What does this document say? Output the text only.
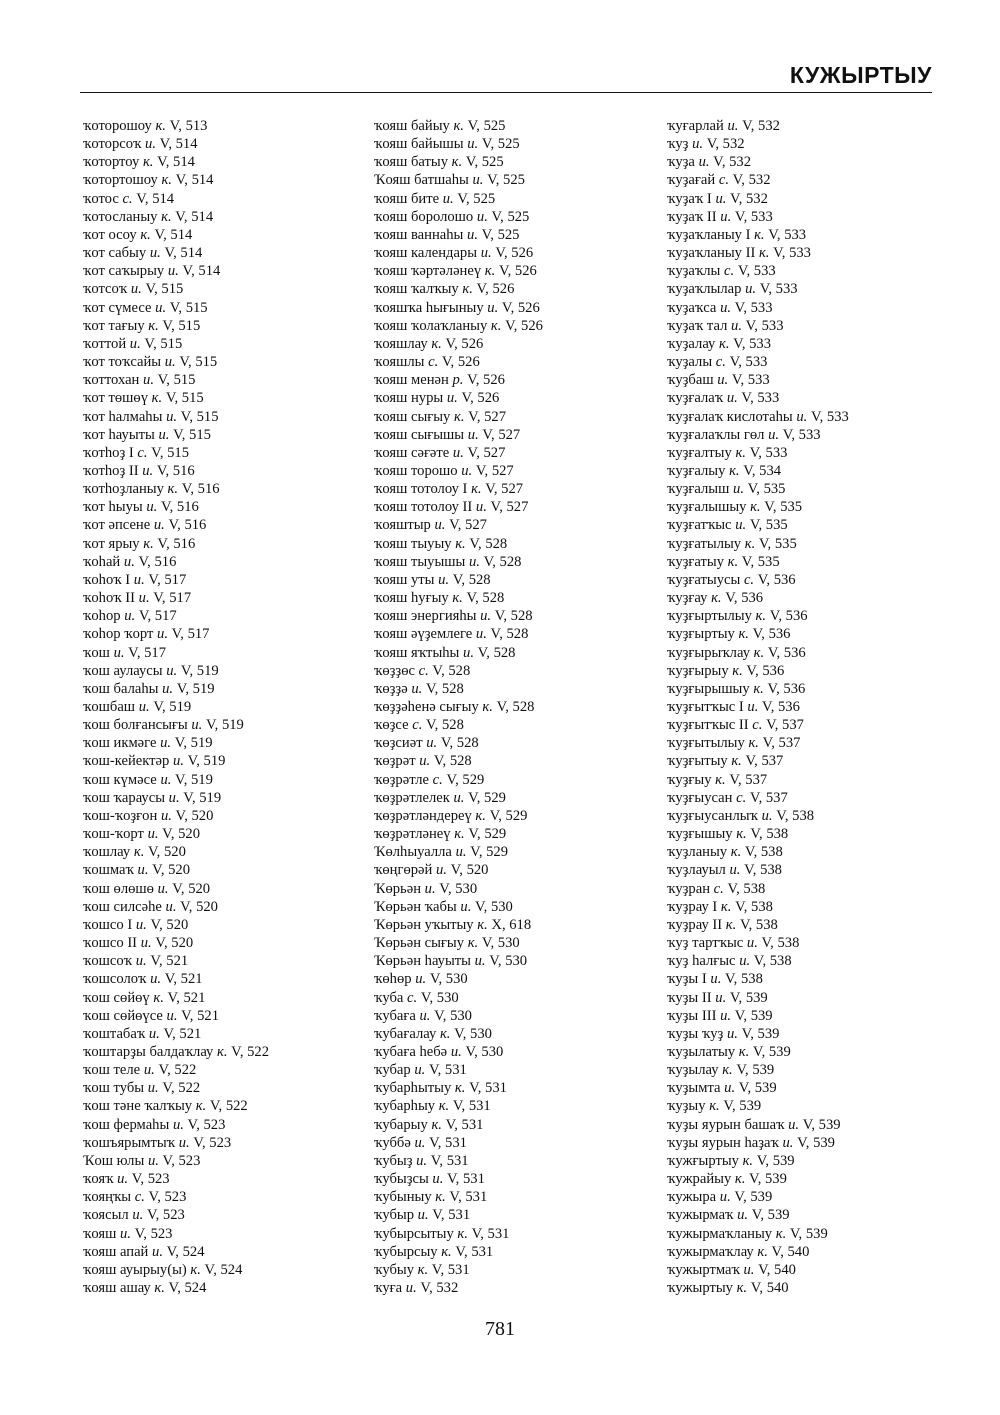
КУЖЫРТЫУ
ҡоторошоу к. V, 513
ҡоторсоҡ и. V, 514
ҡотортоу к. V, 514
ҡотортошоу к. V, 514
ҡотос с. V, 514
ҡотосланыу к. V, 514
ҡот осоу к. V, 514
ҡот сабыу и. V, 514
ҡот саҡырыу и. V, 514
ҡотсоҡ и. V, 515
ҡот сүмесе и. V, 515
ҡот тағыу к. V, 515
ҡоттой и. V, 515
ҡот тоҡсайы и. V, 515
ҡоттохан и. V, 515
ҡот төшөү к. V, 515
ҡот һалмаһы и. V, 515
ҡот һауыты и. V, 515
ҡотһоҙ I с. V, 515
ҡотһоҙ II и. V, 516
ҡотһоҙланыу к. V, 516
ҡот һыуы и. V, 516
ҡот әпсене и. V, 516
ҡот ярыу к. V, 516
ҡоһай и. V, 516
ҡоһоҡ I и. V, 517
ҡоһоҡ II и. V, 517
ҡоһор и. V, 517
ҡоһор ҡорт и. V, 517
ҡош и. V, 517
ҡош аулаусы и. V, 519
ҡош балаһы и. V, 519
ҡошбаш и. V, 519
ҡош болғансығы и. V, 519
ҡош икмәге и. V, 519
ҡош-кейектәр и. V, 519
ҡош күмәсе и. V, 519
ҡош ҡараусы и. V, 519
ҡош-ҡоҙғон и. V, 520
ҡош-ҡорт и. V, 520
ҡошлау к. V, 520
ҡошмаҡ и. V, 520
ҡош өлөшө и. V, 520
ҡош силсәһе и. V, 520
ҡошсо I и. V, 520
ҡошсо II и. V, 520
ҡошсоҡ и. V, 521
ҡошсолоҡ и. V, 521
ҡош сөйөү к. V, 521
ҡош сөйөүсе и. V, 521
ҡоштабаҡ и. V, 521
ҡоштарҙы балдаҡлау к. V, 522
ҡош теле и. V, 522
ҡош тубы и. V, 522
ҡош тәне ҡалҡыу к. V, 522
ҡош фермаһы и. V, 523
ҡошъярымтыҡ и. V, 523
Ҡош юлы и. V, 523
ҡояҡ и. V, 523
ҡояңҡы с. V, 523
ҡоясыл и. V, 523
ҡояш и. V, 523
ҡояш апай и. V, 524
ҡояш ауырыу(ы) к. V, 524
ҡояш ашау к. V, 524
ҡояш байыу к. V, 525
ҡояш байышы и. V, 525
ҡояш батыу к. V, 525
Ҡояш батшаһы и. V, 525
ҡояш бите и. V, 525
ҡояш боролошо и. V, 525
ҡояш ваннаһы и. V, 525
ҡояш календары и. V, 526
ҡояш ҡәртәләнеү к. V, 526
ҡояш ҡалҡыу к. V, 526
ҡояшҡа һығыныу и. V, 526
ҡояш ҡолаҡланыу к. V, 526
ҡояшлау к. V, 526
ҡояшлы с. V, 526
ҡояш менән р. V, 526
ҡояш нуры и. V, 526
ҡояш сығыу к. V, 527
ҡояш сығышы и. V, 527
ҡояш сәғәте и. V, 527
ҡояш торошо и. V, 527
ҡояш тотолоу I к. V, 527
ҡояш тотолоу II и. V, 527
ҡояштыр и. V, 527
ҡояш тыуыу к. V, 528
ҡояш тыуышы и. V, 528
ҡояш уты и. V, 528
ҡояш һуғыу к. V, 528
ҡояш энергияһы и. V, 528
ҡояш әүҙемлеге и. V, 528
ҡояш яҡтыһы и. V, 528
ҡөҙҙөс с. V, 528
ҡөҙҙә и. V, 528
ҡөҙҙәһенә сығыу к. V, 528
ҡөҙсе с. V, 528
ҡөҙсиәт и. V, 528
ҡөҙрәт и. V, 528
ҡөҙрәтле с. V, 529
ҡөҙрәтлелек и. V, 529
ҡөҙрәтләндереү к. V, 529
ҡөҙрәтләнеү к. V, 529
Ҡөлһыуалла и. V, 529
ҡөңгөрәй и. V, 520
Ҡөрьән и. V, 530
Ҡөрьән ҡабы и. V, 530
Ҡөрьән уҡытыу к. X, 618
Ҡөрьән сығыу к. V, 530
Ҡөрьән һауыты и. V, 530
ҡөһөр и. V, 530
ҡуба с. V, 530
ҡубаға и. V, 530
ҡубағалау к. V, 530
ҡубаға һебә и. V, 530
ҡубар и. V, 531
ҡубарһытыу к. V, 531
ҡубарһыу к. V, 531
ҡубарыу к. V, 531
ҡуббә и. V, 531
ҡубыҙ и. V, 531
ҡубыҙсы и. V, 531
ҡубыныу к. V, 531
ҡубыр и. V, 531
ҡубырсытыу к. V, 531
ҡубырсыу к. V, 531
ҡубыу к. V, 531
ҡуға и. V, 532
ҡуғарлай и. V, 532
ҡуҙ и. V, 532
ҡуҙа и. V, 532
ҡуҙағай с. V, 532
ҡуҙаҡ I и. V, 532
ҡуҙаҡ II и. V, 533
ҡуҙаҡланыу I к. V, 533
ҡуҙаҡланыу II к. V, 533
ҡуҙаҡлы с. V, 533
ҡуҙаҡлылар и. V, 533
ҡуҙаҡса и. V, 533
ҡуҙаҡ тал и. V, 533
ҡуҙалау к. V, 533
ҡуҙалы с. V, 533
ҡуҙбаш и. V, 533
ҡуҙғалаҡ и. V, 533
ҡуҙғалаҡ кислотаһы и. V, 533
ҡуҙғалаҡлы гөл и. V, 533
ҡуҙғалтыу к. V, 533
ҡуҙғалыу к. V, 534
ҡуҙғалыш и. V, 535
ҡуҙғалышыу к. V, 535
ҡуҙғатҡыс и. V, 535
ҡуҙғатылыу к. V, 535
ҡуҙғатыу к. V, 535
ҡуҙғатыусы с. V, 536
ҡуҙғау к. V, 536
ҡуҙғыртылыу к. V, 536
ҡуҙғыртыу к. V, 536
ҡуҙғырыҡлау к. V, 536
ҡуҙғырыу к. V, 536
ҡуҙғырышыу к. V, 536
ҡуҙғытҡыс I и. V, 536
ҡуҙғытҡыс II с. V, 537
ҡуҙғытылыу к. V, 537
ҡуҙғытыу к. V, 537
ҡуҙғыу к. V, 537
ҡуҙғыусан с. V, 537
ҡуҙғыусанлыҡ и. V, 538
ҡуҙғышыу к. V, 538
ҡуҙланыу к. V, 538
ҡуҙлауыл и. V, 538
ҡуҙран с. V, 538
ҡуҙрау I к. V, 538
ҡуҙрау II к. V, 538
ҡуҙ тартҡыс и. V, 538
ҡуҙ һалғыс и. V, 538
ҡуҙы I и. V, 538
ҡуҙы II и. V, 539
ҡуҙы III и. V, 539
ҡуҙы ҡуҙ и. V, 539
ҡуҙылатыу к. V, 539
ҡуҙылау к. V, 539
ҡуҙымта и. V, 539
ҡуҙыу к. V, 539
ҡуҙы яурын башаҡ и. V, 539
ҡуҙы яурын һаҙаҡ и. V, 539
ҡужғыртыу к. V, 539
ҡужрайыу к. V, 539
ҡужыра и. V, 539
ҡужырмаҡ и. V, 539
ҡужырмаҡланыу к. V, 539
ҡужырмаҡлау к. V, 540
ҡужыртмаҡ и. V, 540
ҡужыртыу к. V, 540
781
